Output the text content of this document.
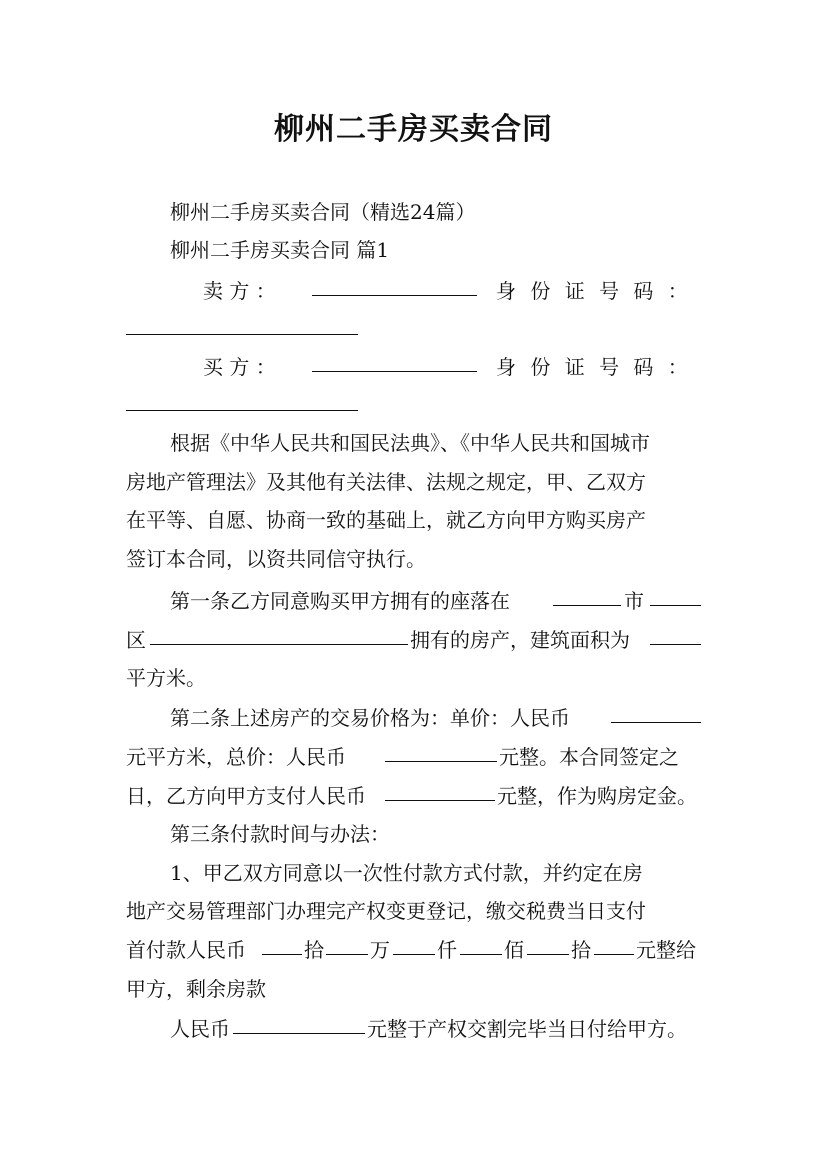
柳州二手房买卖合同
柳州二手房买卖合同（精选24篇）
柳州二手房买卖合同 篇1
卖 方 ：	身 份 证 号 码 ：
买 方 ：	身 份 证 号 码 ：
根据《中华人民共和国民法典》、《中华人民共和国城市
房地产管理法》及其他有关法律、法规之规定，甲、乙双方
在平等、自愿、协商一致的基础上，就乙方向甲方购买房产
签订本合同，以资共同信守执行。
第一条乙方同意购买甲方拥有的座落在	市
区	拥有的房产，建筑面积为
平方米。
第二条上述房产的交易价格为：单价：人民币
元平方米，总价：人民币	元整。本合同签定之
日，乙方向甲方支付人民币	元整，作为购房定金。
第三条付款时间与办法：
1、甲乙双方同意以一次性付款方式付款，并约定在房
地产交易管理部门办理完产权变更登记，缴交税费当日支付
首付款人民币	拾 万 仟 佰 拾 元整给
甲方，剩余房款
人民币	元整于产权交割完毕当日付给甲方。
